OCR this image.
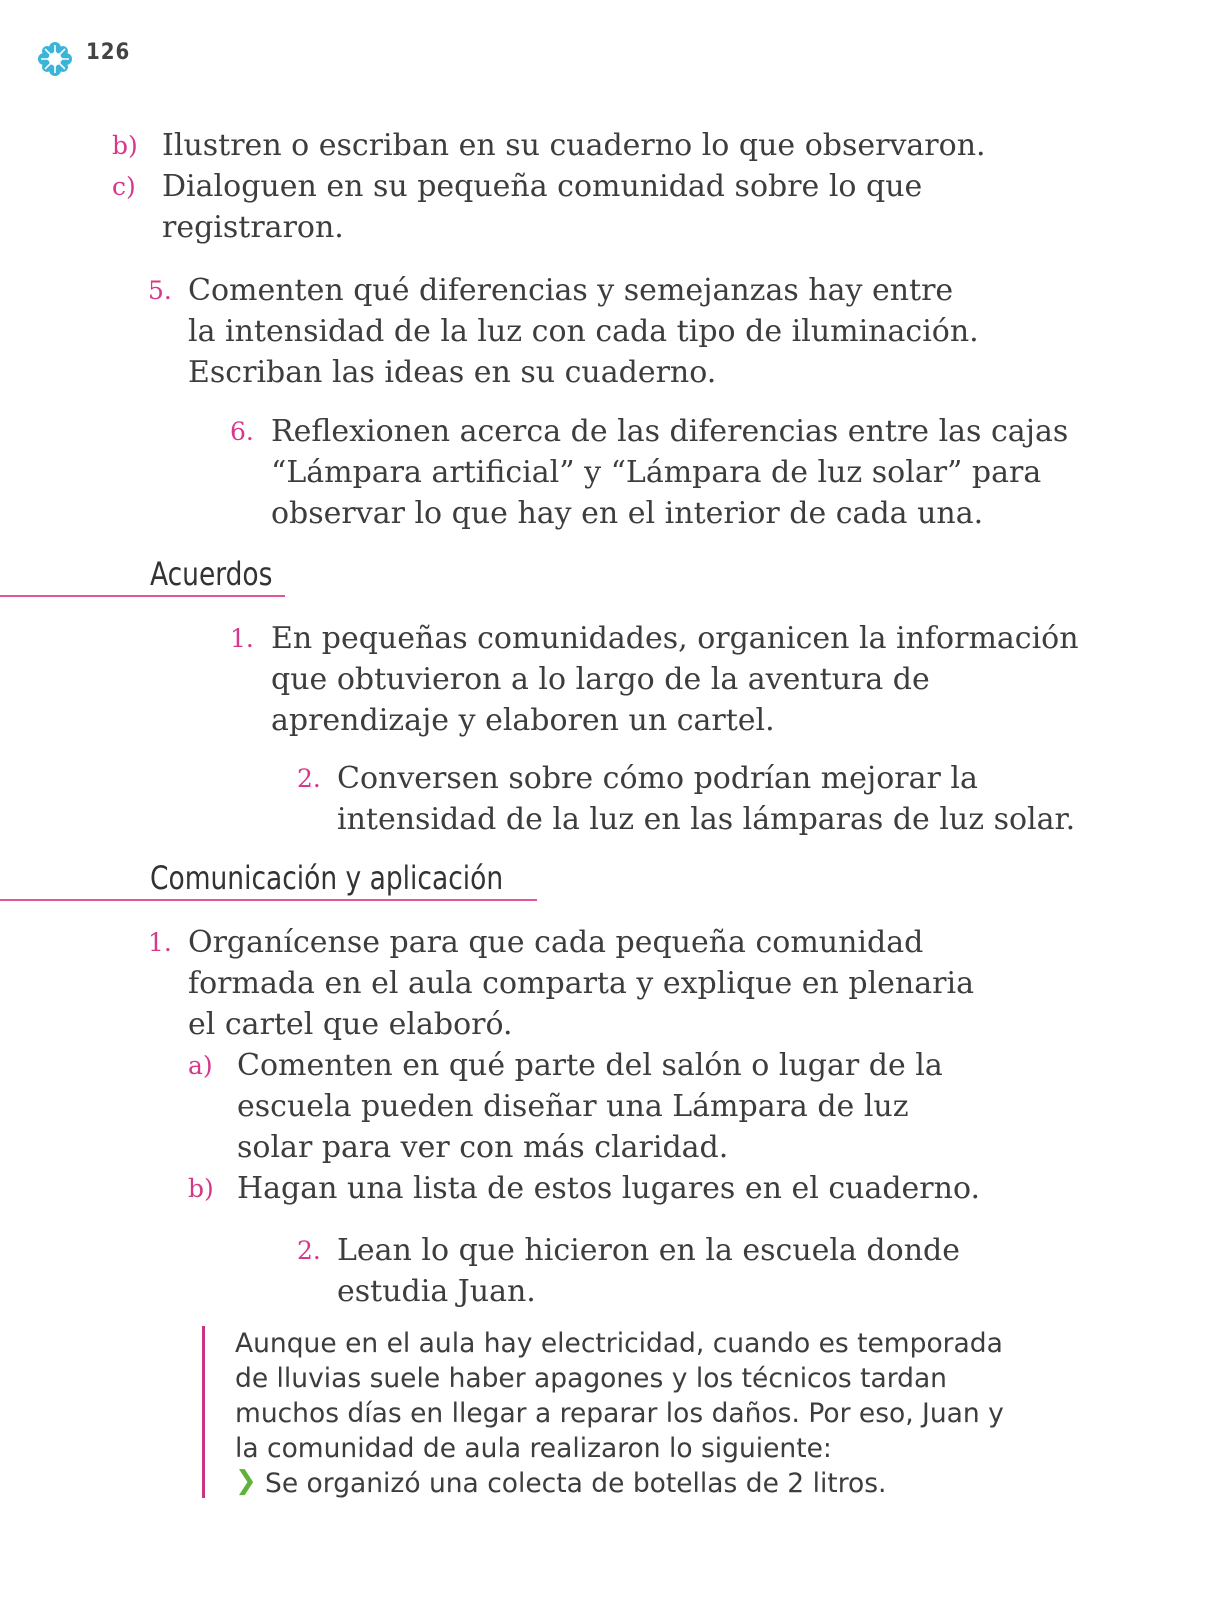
126
b) Ilustren o escriban en su cuaderno lo que observaron.
c) Dialoguen en su pequeña comunidad sobre lo que
registraron.
5. Comenten qué diferencias y semejanzas hay entre
la intensidad de la luz con cada tipo de iluminación.
Escriban las ideas en su cuaderno.
6. Reflexionen acerca de las diferencias entre las cajas
“Lámpara artificial” y “Lámpara de luz solar” para
observar lo que hay en el interior de cada una.
Acuerdos
1. En pequeñas comunidades, organicen la información
que obtuvieron a lo largo de la aventura de
aprendizaje y elaboren un cartel.
2. Conversen sobre cómo podrían mejorar la
intensidad de la luz en las lámparas de luz solar.
Comunicación y aplicación
1. Organícense para que cada pequeña comunidad
formada en el aula comparta y explique en plenaria
el cartel que elaboró.
a) Comenten en qué parte del salón o lugar de la
escuela pueden diseñar una Lámpara de luz
solar para ver con más claridad.
b) Hagan una lista de estos lugares en el cuaderno.
2. Lean lo que hicieron en la escuela donde
estudia Juan.
Aunque en el aula hay electricidad, cuando es temporada
de lluvias suele haber apagones y los técnicos tardan
muchos días en llegar a reparar los daños. Por eso, Juan y
la comunidad de aula realizaron lo siguiente:
❯ Se organizó una colecta de botellas de 2 litros.
